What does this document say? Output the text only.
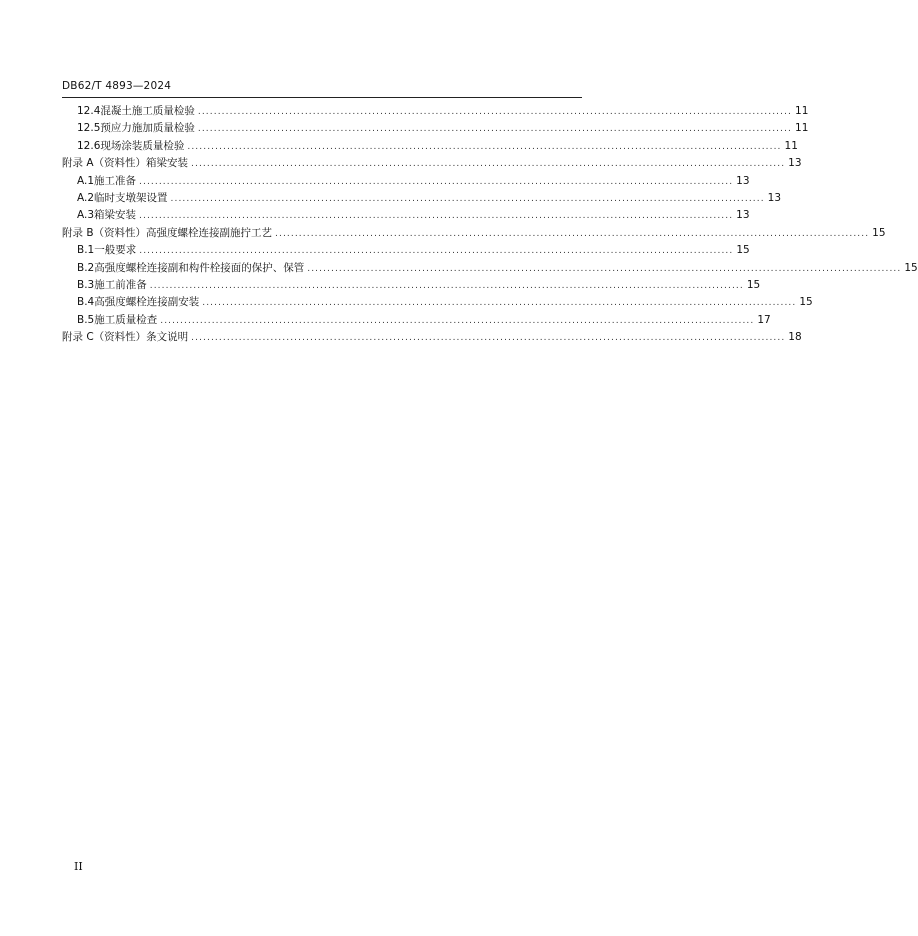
DB62/T 4893—2024
12.4 混凝土施工质量检验 ...................................................................................................................................................... 11
12.5 预应力施加质量检验 ...................................................................................................................................................... 11
12.6 现场涂装质量检验 ...................................................................................................................................................... 11
附录 A（资料性） 箱梁安装 ...................................................................................................................................................... 13
A.1 施工准备 ...................................................................................................................................................... 13
A.2 临时支墩架设置 ...................................................................................................................................................... 13
A.3 箱梁安装 ...................................................................................................................................................... 13
附录 B（资料性） 高强度螺栓连接副施拧工艺 ...................................................................................................................................................... 15
B.1 一般要求 ...................................................................................................................................................... 15
B.2 高强度螺栓连接副和构件栓接面的保护、保管 ...................................................................................................................................................... 15
B.3 施工前准备 ...................................................................................................................................................... 15
B.4 高强度螺栓连接副安装 ...................................................................................................................................................... 15
B.5 施工质量检查 ...................................................................................................................................................... 17
附录 C（资料性） 条文说明 ...................................................................................................................................................... 18
II
